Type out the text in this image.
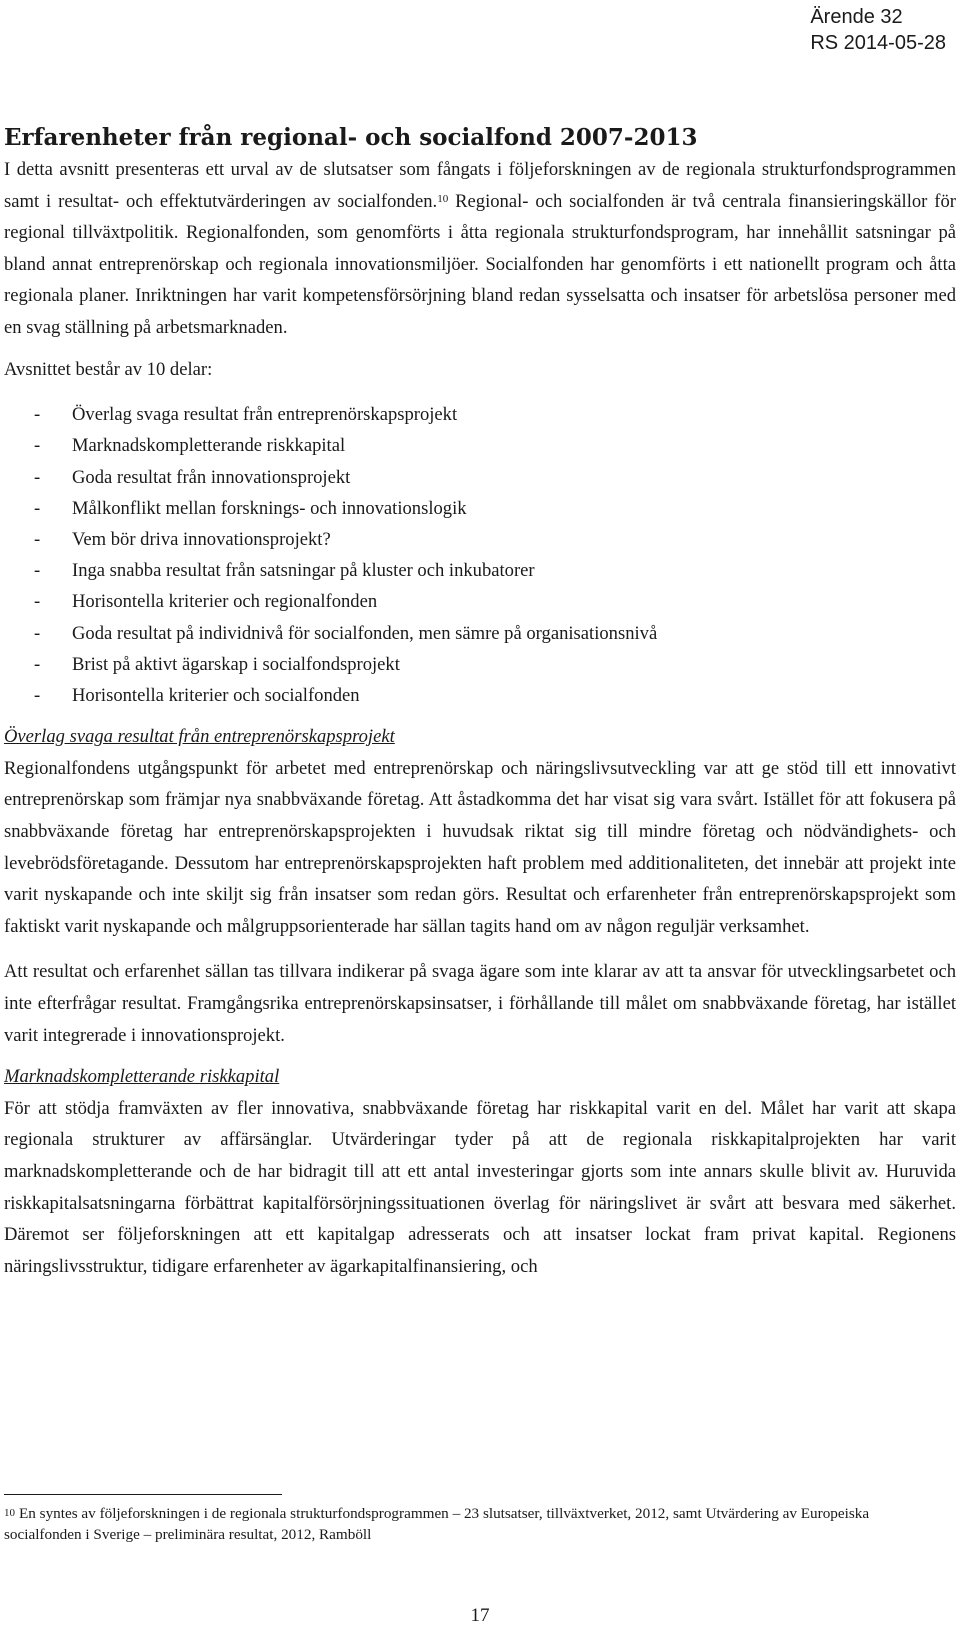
Ärende 32
RS 2014-05-28
Erfarenheter från regional- och socialfond 2007-2013

I detta avsnitt presenteras ett urval av de slutsatser som fångats i följeforskningen av de regionala strukturfondsprogrammen samt i resultat- och effektutvärderingen av socialfonden.$^{10}$ Regional- och socialfonden är två centrala finansieringskällor för regional tillväxtpolitik. Regionalfonden, som genomförts i åtta regionala strukturfondsprogram, har innehållit satsningar på bland annat entreprenörskap och regionala innovationsmiljöer. Socialfonden har genomförts i ett nationellt program och åtta regionala planer. Inriktningen har varit kompetensförsörjning bland redan sysselsatta och insatser för arbetslösa personer med en svag ställning på arbetsmarknaden.

Avsnittet består av 10 delar:

-	Överlag svaga resultat från entreprenörskapsprojekt
-	Marknadskompletterande riskkapital
-	Goda resultat från innovationsprojekt
-	Målkonflikt mellan forsknings- och innovationslogik
-	Vem bör driva innovationsprojekt?
-	Inga snabba resultat från satsningar på kluster och inkubatorer
-	Horisontella kriterier och regionalfonden
-	Goda resultat på individnivå för socialfonden, men sämre på organisationsnivå
-	Brist på aktivt ägarskap i socialfondsprojekt
-	Horisontella kriterier och socialfonden
Överlag svaga resultat från entreprenörskapsprojekt

Regionalfondens utgångspunkt för arbetet med entreprenörskap och näringslivsutveckling var att ge stöd till ett innovativt entreprenörskap som främjar nya snabbväxande företag. Att åstadkomma det har visat sig vara svårt. Istället för att fokusera på snabbväxande företag har entreprenörskapsprojekten i huvudsak riktat sig till mindre företag och nödvändighets- och levebrödsföretagande. Dessutom har entreprenörskapsprojekten haft problem med additionaliteten, det innebär att projekt inte varit nyskapande och inte skiljt sig från insatser som redan görs. Resultat och erfarenheter från entreprenörskapsprojekt som faktiskt varit nyskapande och målgruppsorienterade har sällan tagits hand om av någon reguljär verksamhet.

Att resultat och erfarenhet sällan tas tillvara indikerar på svaga ägare som inte klarar av att ta ansvar för utvecklingsarbetet och inte efterfrågar resultat. Framgångsrika entreprenörskapsinsatser, i förhållande till målet om snabbväxande företag, har istället varit integrerade i innovationsprojekt.

Marknadskompletterande riskkapital

För att stödja framväxten av fler innovativa, snabbväxande företag har riskkapital varit en del. Målet har varit att skapa regionala strukturer av affärsänglar. Utvärderingar tyder på att de regionala riskkapitalprojekten har varit marknadskompletterande och de har bidragit till att ett antal investeringar gjorts som inte annars skulle blivit av. Huruvida riskkapitalsatsningarna förbättrat kapitalförsörjningssituationen överlag för näringslivet är svårt att besvara med säkerhet. Däremot ser följeforskningen att ett kapitalgap adresserats och att insatser lockat fram privat kapital. Regionens näringslivsstruktur, tidigare erfarenheter av ägarkapitalfinansiering, och

$^{10}$ En syntes av följeforskningen i de regionala strukturfondsprogrammen – 23 slutsatser, tillväxtverket, 2012, samt Utvärdering av Europeiska socialfonden i Sverige – preliminära resultat, 2012, Ramböll
17
